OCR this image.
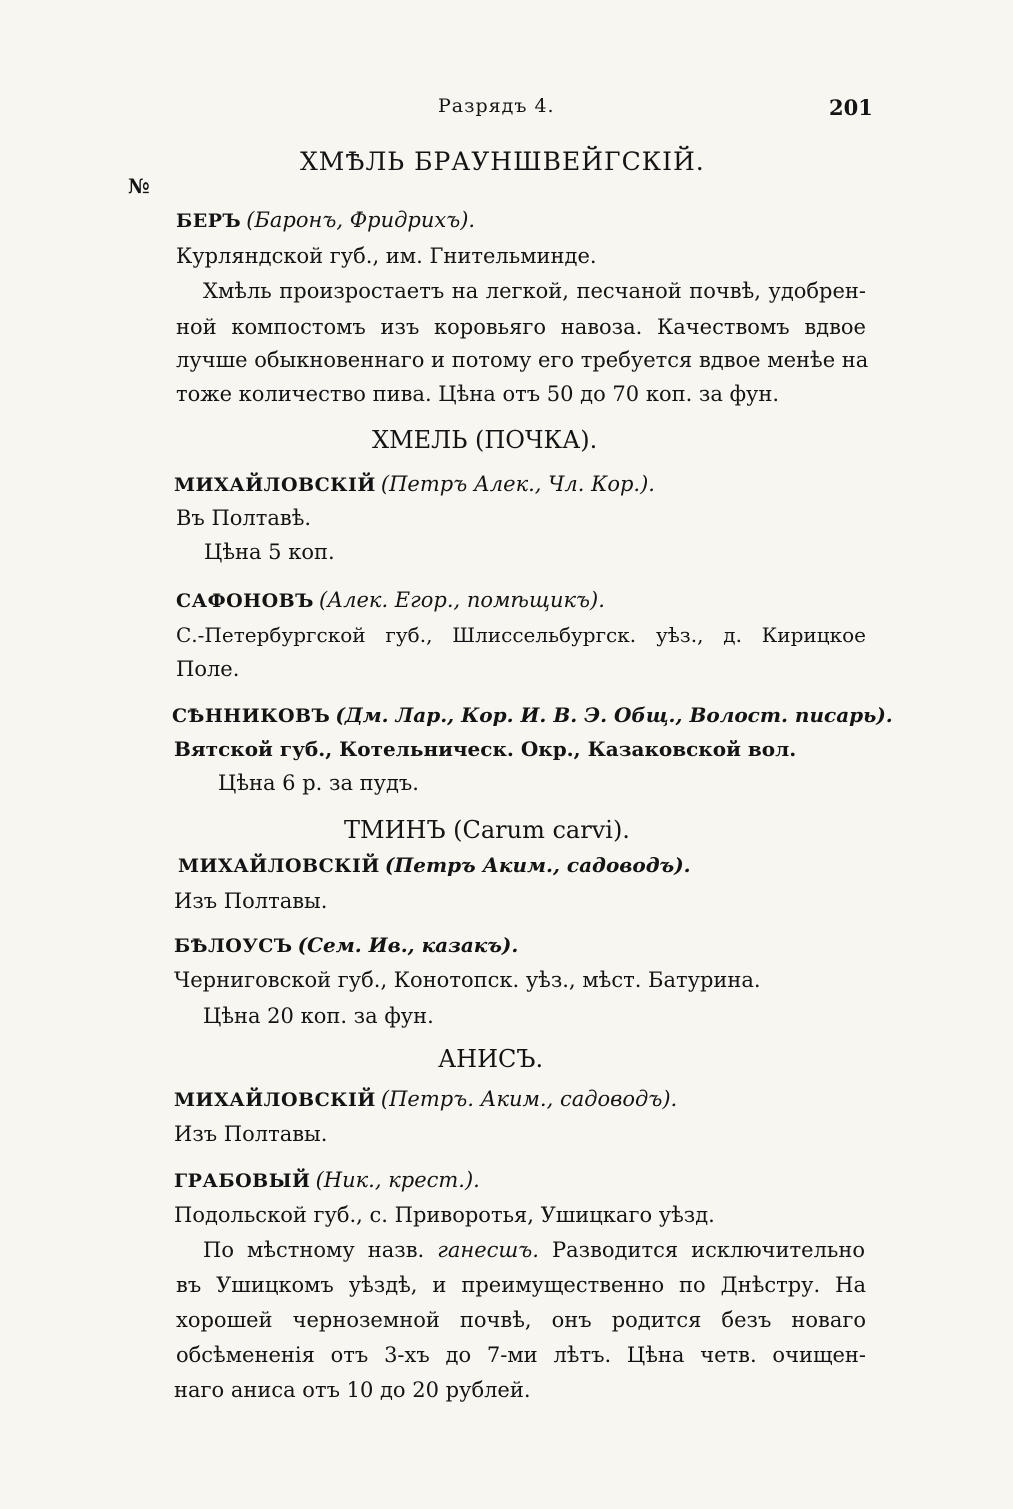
Разрядъ 4.	201
ХМѢЛЬ БРАУНШВЕЙГСКІЙ.
№
БЕРЪ (Баронъ, Фридрихъ).
Курляндской губ., им. Гнительминде.
Хмѣль произростаетъ на легкой, песчаной почвѣ, удобрен-
ной компостомъ изъ коровьяго навоза. Качествомъ вдвое
лучше обыкновеннаго и потому его требуется вдвое менѣе на
тоже количество пива. Цѣна отъ 50 до 70 коп. за фун.
ХМЕЛЬ (ПОЧКА).
МИХАЙЛОВСКІЙ (Петръ Алек., Чл. Кор.).
Въ Полтавѣ.
Цѣна 5 коп.
САФОНОВЪ (Алек. Егор., помѣщикъ).
С.-Петербургской губ., Шлиссельбургск. уѣз., д. Кирицкое
Поле.
СѢННИКОВЪ (Дм. Лар., Кор. И. В. Э. Общ., Волост. писарь).
Вятской губ., Котельническ. Окр., Казаковской вол.
Цѣна 6 р. за пудъ.
ТМИНЪ (Carum carvi).
МИХАЙЛОВСКІЙ (Петръ Аким., садоводъ).
Изъ Полтавы.
БѢЛОУСЪ (Сем. Ив., казакъ).
Черниговской губ., Конотопск. уѣз., мѣст. Батурина.
Цѣна 20 коп. за фун.
АНИСЪ.
МИХАЙЛОВСКІЙ (Петръ. Аким., садоводъ).
Изъ Полтавы.
ГРАБОВЫЙ (Ник., крест.).
Подольской губ., с. Приворотья, Ушицкаго уѣзд.
По мѣстному назв. ганесшъ. Разводится исключительно
въ Ушицкомъ уѣздѣ, и преимущественно по Днѣстру. На
хорошей черноземной почвѣ, онъ родится безъ новаго
обсѣмененія отъ 3-хъ до 7-ми лѣтъ. Цѣна четв. очищен-
наго аниса отъ 10 до 20 рублей.
